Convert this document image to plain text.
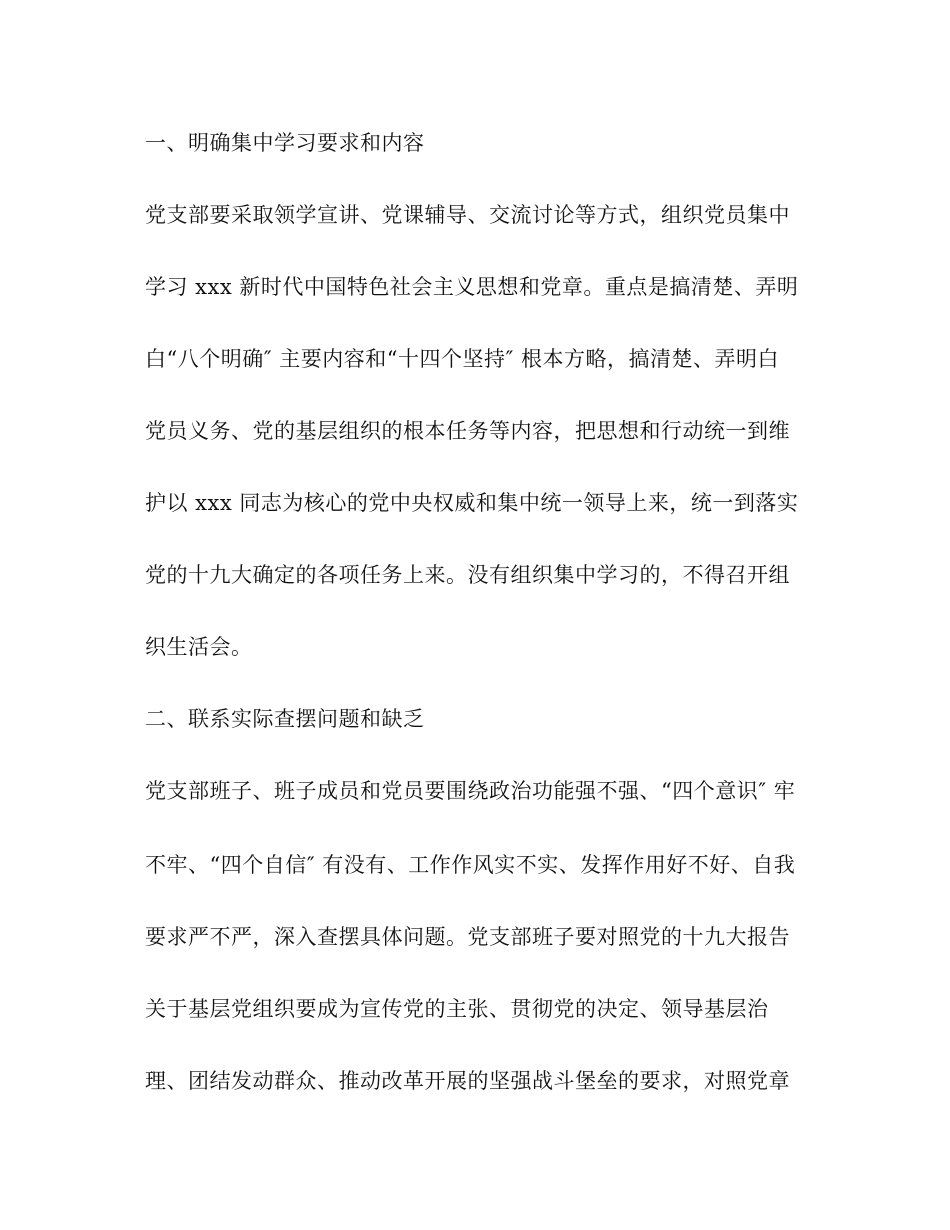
一、明确集中学习要求和内容
党支部要采取领学宣讲、党课辅导、交流讨论等方式，组织党员集中
学习 xxx 新时代中国特色社会主义思想和党章。重点是搞清楚、弄明
白“八个明确″ 主要内容和“十四个坚持″ 根本方略，搞清楚、弄明白
党员义务、党的基层组织的根本任务等内容，把思想和行动统一到维
护以 xxx 同志为核心的党中央权威和集中统一领导上来，统一到落实
党的十九大确定的各项任务上来。没有组织集中学习的，不得召开组
织生活会。
二、联系实际查摆问题和缺乏
党支部班子、班子成员和党员要围绕政治功能强不强、“四个意识″ 牢
不牢、“四个自信″ 有没有、工作作风实不实、发挥作用好不好、自我
要求严不严，深入查摆具体问题。党支部班子要对照党的十九大报告
关于基层党组织要成为宣传党的主张、贯彻党的决定、领导基层治
理、团结发动群众、推动改革开展的坚强战斗堡垒的要求，对照党章
